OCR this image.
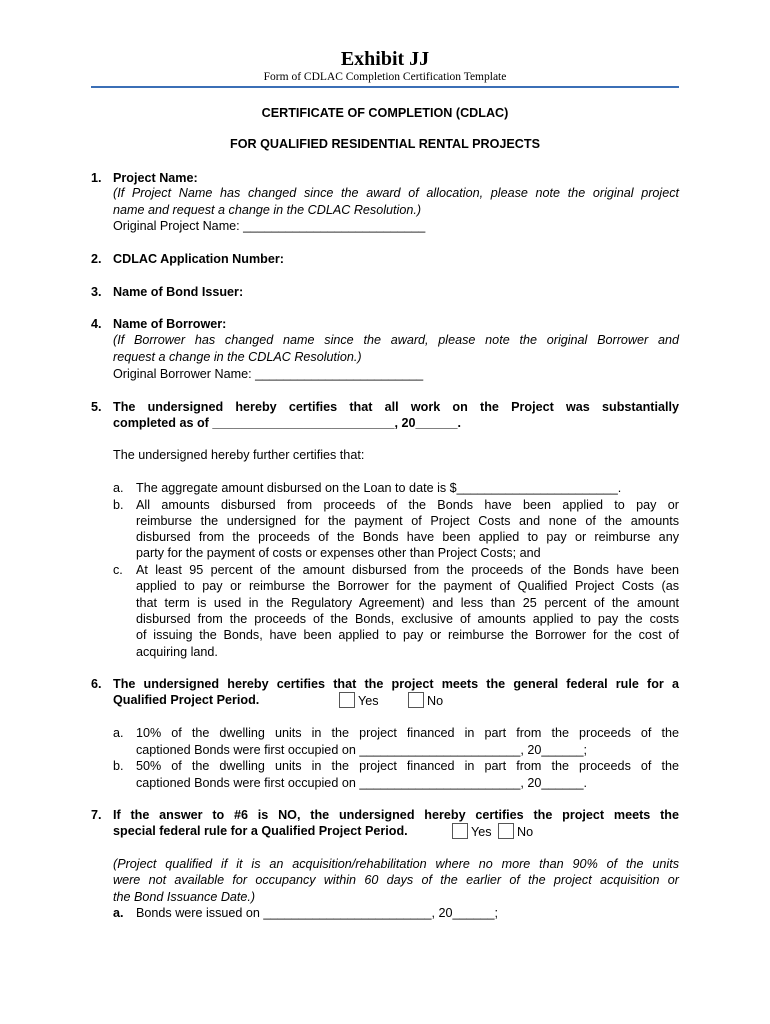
Exhibit JJ
Form of CDLAC Completion Certification Template
CERTIFICATE OF COMPLETION (CDLAC)
FOR QUALIFIED RESIDENTIAL RENTAL PROJECTS
1. Project Name:
(If Project Name has changed since the award of allocation, please note the original project
name and request a change in the CDLAC Resolution.)
Original Project Name: __________________________
2. CDLAC Application Number:
3. Name of Bond Issuer:
4. Name of Borrower:
(If Borrower has changed name since the award, please note the original Borrower and
request a change in the CDLAC Resolution.)
Original Borrower Name: ________________________
5. The undersigned hereby certifies that all work on the Project was substantially
completed as of __________________________, 20______.
The undersigned hereby further certifies that:
a. The aggregate amount disbursed on the Loan to date is $_______________________.
b. All amounts disbursed from proceeds of the Bonds have been applied to pay or
reimburse the undersigned for the payment of Project Costs and none of the amounts
disbursed from the proceeds of the Bonds have been applied to pay or reimburse any
party for the payment of costs or expenses other than Project Costs; and
c. At least 95 percent of the amount disbursed from the proceeds of the Bonds have been
applied to pay or reimburse the Borrower for the payment of Qualified Project Costs (as
that term is used in the Regulatory Agreement) and less than 25 percent of the amount
disbursed from the proceeds of the Bonds, exclusive of amounts applied to pay the costs
of issuing the Bonds, have been applied to pay or reimburse the Borrower for the cost of
acquiring land.
6. The undersigned hereby certifies that the project meets the general federal rule for a
Qualified Project Period.	Yes	No
a. 10% of the dwelling units in the project financed in part from the proceeds of the
captioned Bonds were first occupied on _______________________, 20______;
b. 50% of the dwelling units in the project financed in part from the proceeds of the
captioned Bonds were first occupied on _______________________, 20______.
7. If the answer to #6 is NO, the undersigned hereby certifies the project meets the
special federal rule for a Qualified Project Period.	Yes	No
(Project qualified if it is an acquisition/rehabilitation where no more than 90% of the units
were not available for occupancy within 60 days of the earlier of the project acquisition or
the Bond Issuance Date.)
a. Bonds were issued on ________________________, 20______;
